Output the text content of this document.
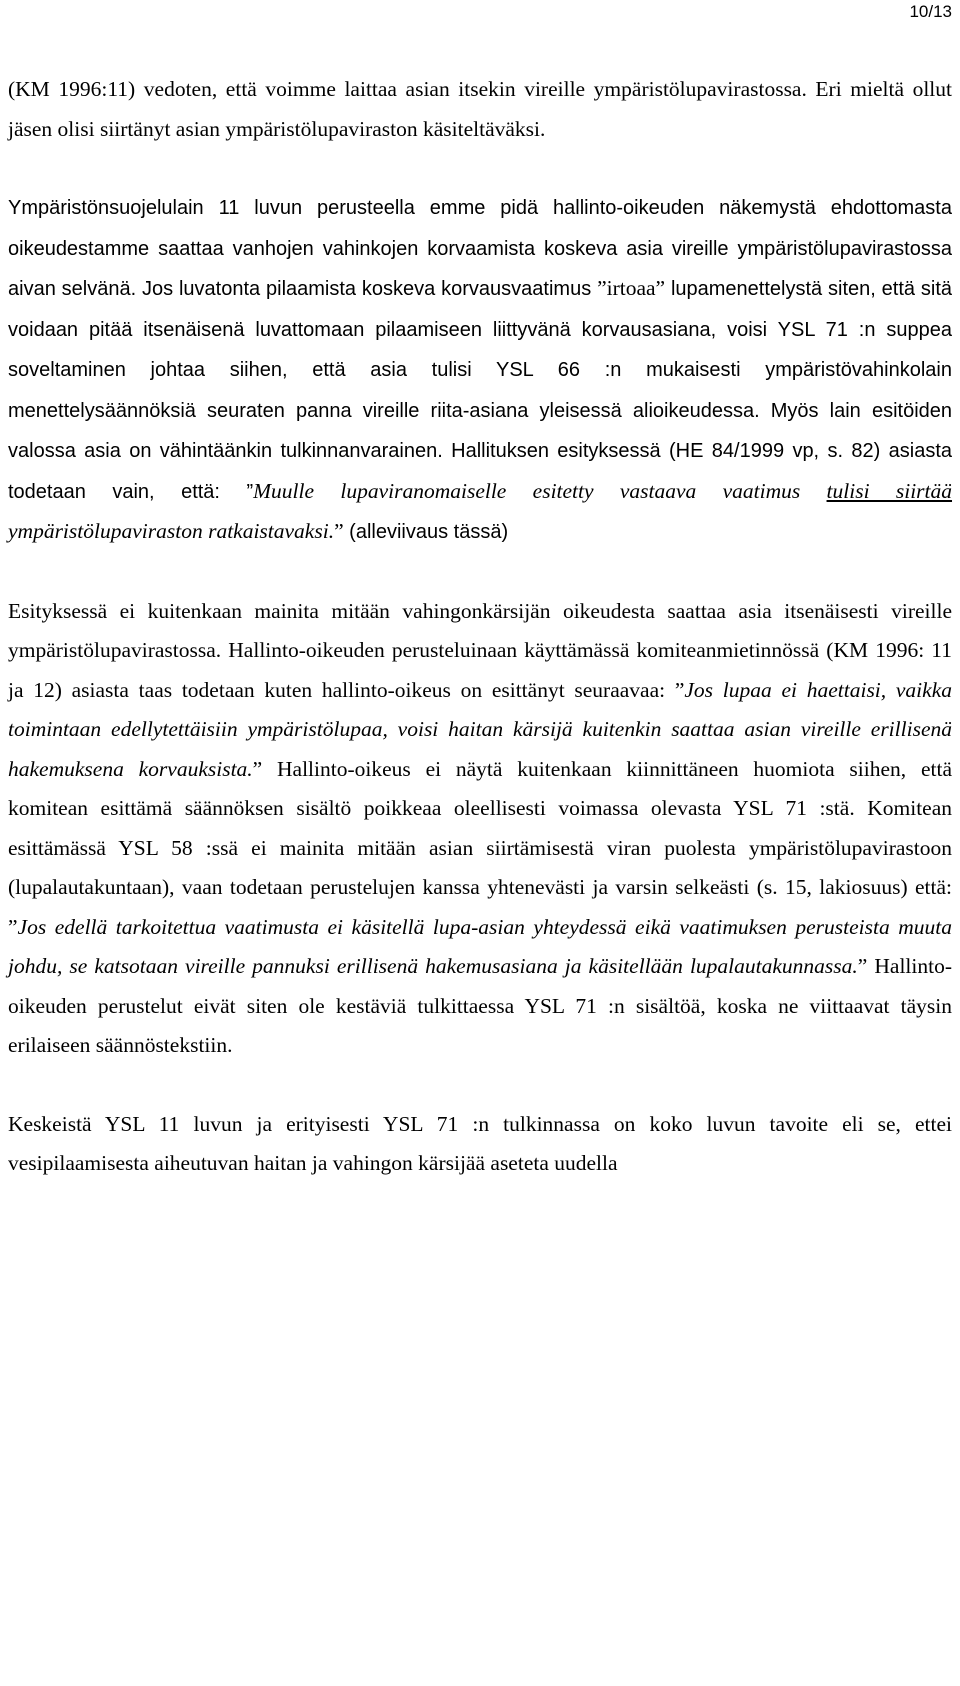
10/13

(KM 1996:11) vedoten, että voimme laittaa asian itsekin vireille ympäristölupavirastossa. Eri mieltä ollut jäsen olisi siirtänyt asian ympäristölupaviraston käsiteltäväksi.

Ympäristönsuojelulain 11 luvun perusteella emme pidä hallinto-oikeuden näkemystä ehdottomasta oikeudestamme saattaa vanhojen vahinkojen korvaamista koskeva asia vireille ympäristölupavirastossa aivan selvänä. Jos luvatonta pilaamista koskeva korvausvaatimus ”irtoaa” lupamenettelystä siten, että sitä voidaan pitää itsenäisenä luvattomaan pilaamiseen liittyvänä korvausasiana, voisi YSL 71 :n suppea soveltaminen johtaa siihen, että asia tulisi YSL 66 :n mukaisesti ympäristövahinkolain menettelysäännöksiä seuraten panna vireille riita-asiana yleisessä alioikeudessa. Myös lain esitöiden valossa asia on vähintäänkin tulkinnanvarainen. Hallituksen esityksessä (HE 84/1999 vp, s. 82) asiasta todetaan vain, että: ”Muulle lupaviranomaiselle esitetty vastaava vaatimus tulisi siirtää ympäristölupaviraston ratkaistavaksi.” (alleviivaus tässä)

Esityksessä ei kuitenkaan mainita mitään vahingonkärsijän oikeudesta saattaa asia itsenäisesti vireille ympäristölupavirastossa. Hallinto-oikeuden perusteluinaan käyttämässä komiteanmietinnössä (KM 1996: 11 ja 12) asiasta taas todetaan kuten hallinto-oikeus on esittänyt seuraavaa: ”Jos lupaa ei haettaisi, vaikka toimintaan edellytettäisiin ympäristölupaa, voisi haitan kärsijä kuitenkin saattaa asian vireille erillisenä hakemuksena korvauksista.” Hallinto-oikeus ei näytä kuitenkaan kiinnittäneen huomiota siihen, että komitean esittämä säännöksen sisältö poikkeaa oleellisesti voimassa olevasta YSL 71 :stä. Komitean esittämässä YSL 58 :ssä ei mainita mitään asian siirtämisestä viran puolesta ympäristölupavirastoon (lupalautakuntaan), vaan todetaan perustelujen kanssa yhtenevästi ja varsin selkeästi (s. 15, lakiosuus) että: ”Jos edellä tarkoitettua vaatimusta ei käsitellä lupa-asian yhteydessä eikä vaatimuksen perusteista muuta johdu, se katsotaan vireille pannuksi erillisenä hakemusasiana ja käsitellään lupalautakunnassa.” Hallinto-oikeuden perustelut eivät siten ole kestäviä tulkittaessa YSL 71 :n sisältöä, koska ne viittaavat täysin erilaiseen säännöstekstiin.

Keskeistä YSL 11 luvun ja erityisesti YSL 71 :n tulkinnassa on koko luvun tavoite eli se, ettei vesipilaamisesta aiheutuvan haitan ja vahingon kärsijää aseteta uudella
